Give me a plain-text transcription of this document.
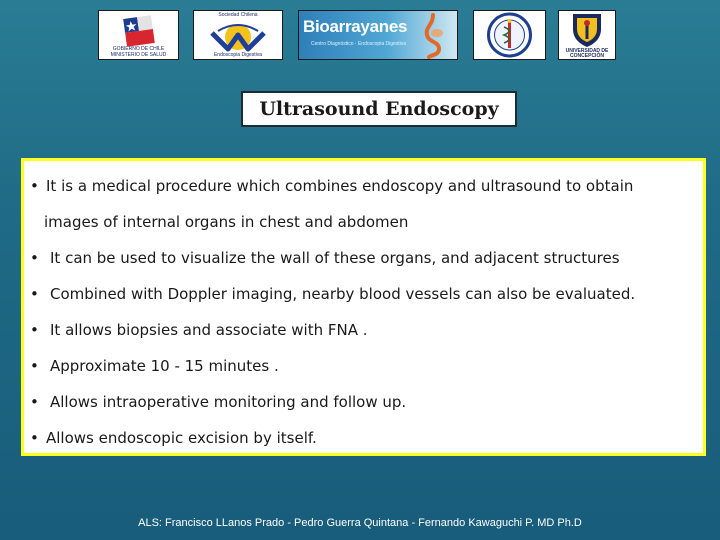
GOBIERNO DE CHILE
MINISTERIO DE SALUD
Sociedad Chilena
Endoscopia Digestiva
Bioarrayanes
Centro Diagnóstico · Endoscopia Digestiva
UNIVERSIDAD DE CONCEPCIÓN
Ultrasound Endoscopy
• It is a medical procedure which combines endoscopy and ultrasound to obtain
images of internal organs in chest and abdomen
• It can be used to visualize the wall of these organs, and adjacent structures
• Combined with Doppler imaging, nearby blood vessels can also be evaluated.
• It allows biopsies and associate with FNA .
• Approximate 10 - 15 minutes .
• Allows intraoperative monitoring and follow up.
• Allows endoscopic excision by itself.
ALS: Francisco LLanos Prado - Pedro Guerra Quintana - Fernando Kawaguchi P. MD Ph.D
